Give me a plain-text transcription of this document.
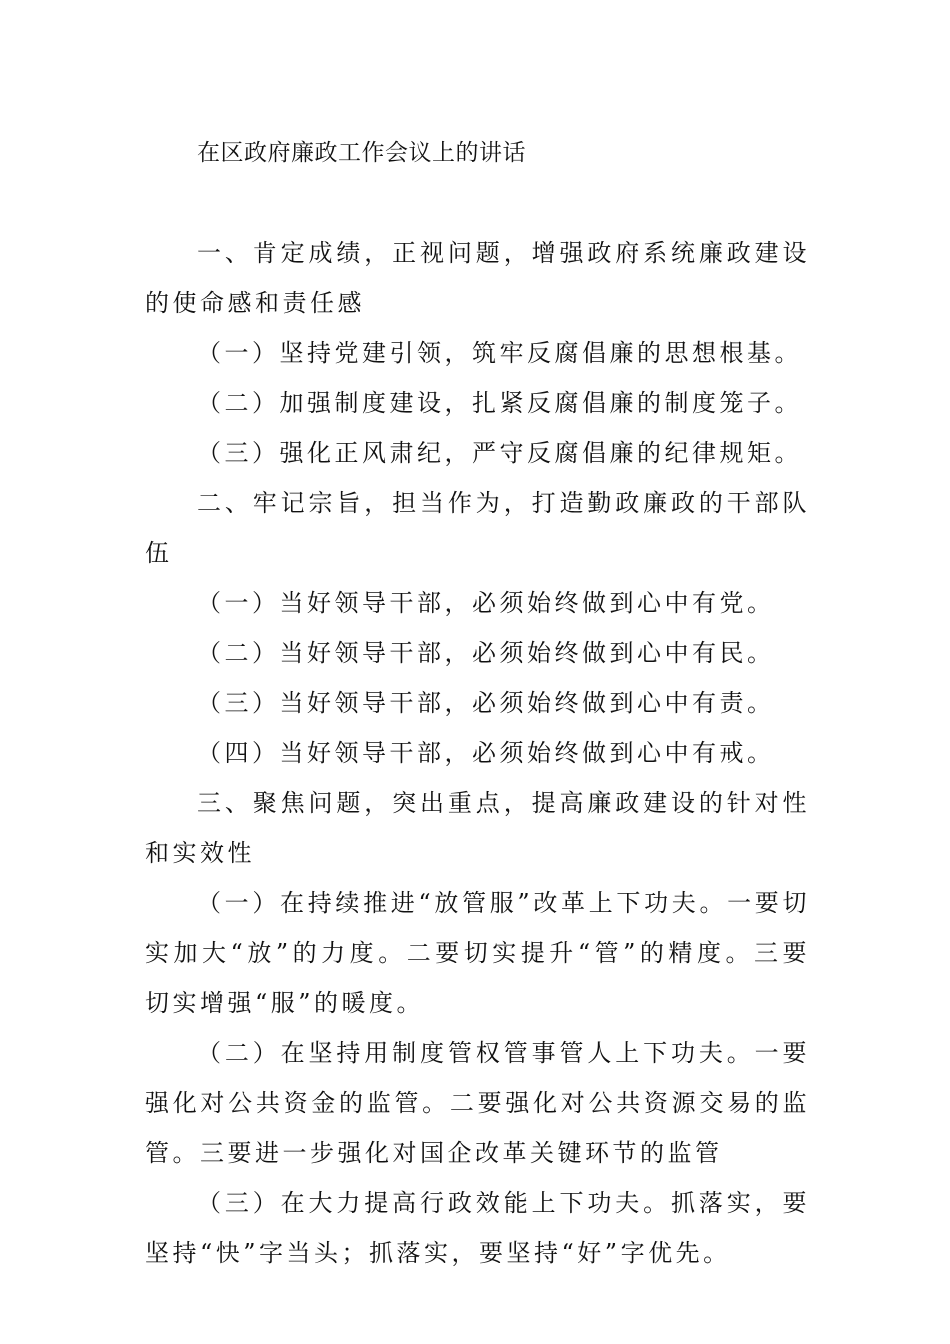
在区政府廉政工作会议上的讲话

一、肯定成绩，正视问题，增强政府系统廉政建设的使命感和责任感

（一）坚持党建引领，筑牢反腐倡廉的思想根基。

（二）加强制度建设，扎紧反腐倡廉的制度笼子。

（三）强化正风肃纪，严守反腐倡廉的纪律规矩。

二、牢记宗旨，担当作为，打造勤政廉政的干部队伍

（一）当好领导干部，必须始终做到心中有党。

（二）当好领导干部，必须始终做到心中有民。

（三）当好领导干部，必须始终做到心中有责。

（四）当好领导干部，必须始终做到心中有戒。

三、聚焦问题，突出重点，提高廉政建设的针对性和实效性

（一）在持续推进“放管服”改革上下功夫。一要切实加大“放”的力度。二要切实提升“管”的精度。三要切实增强“服”的暖度。

（二）在坚持用制度管权管事管人上下功夫。一要强化对公共资金的监管。二要强化对公共资源交易的监管。三要进一步强化对国企改革关键环节的监管

（三）在大力提高行政效能上下功夫。抓落实，要坚持“快”字当头；抓落实，要坚持“好”字优先。
